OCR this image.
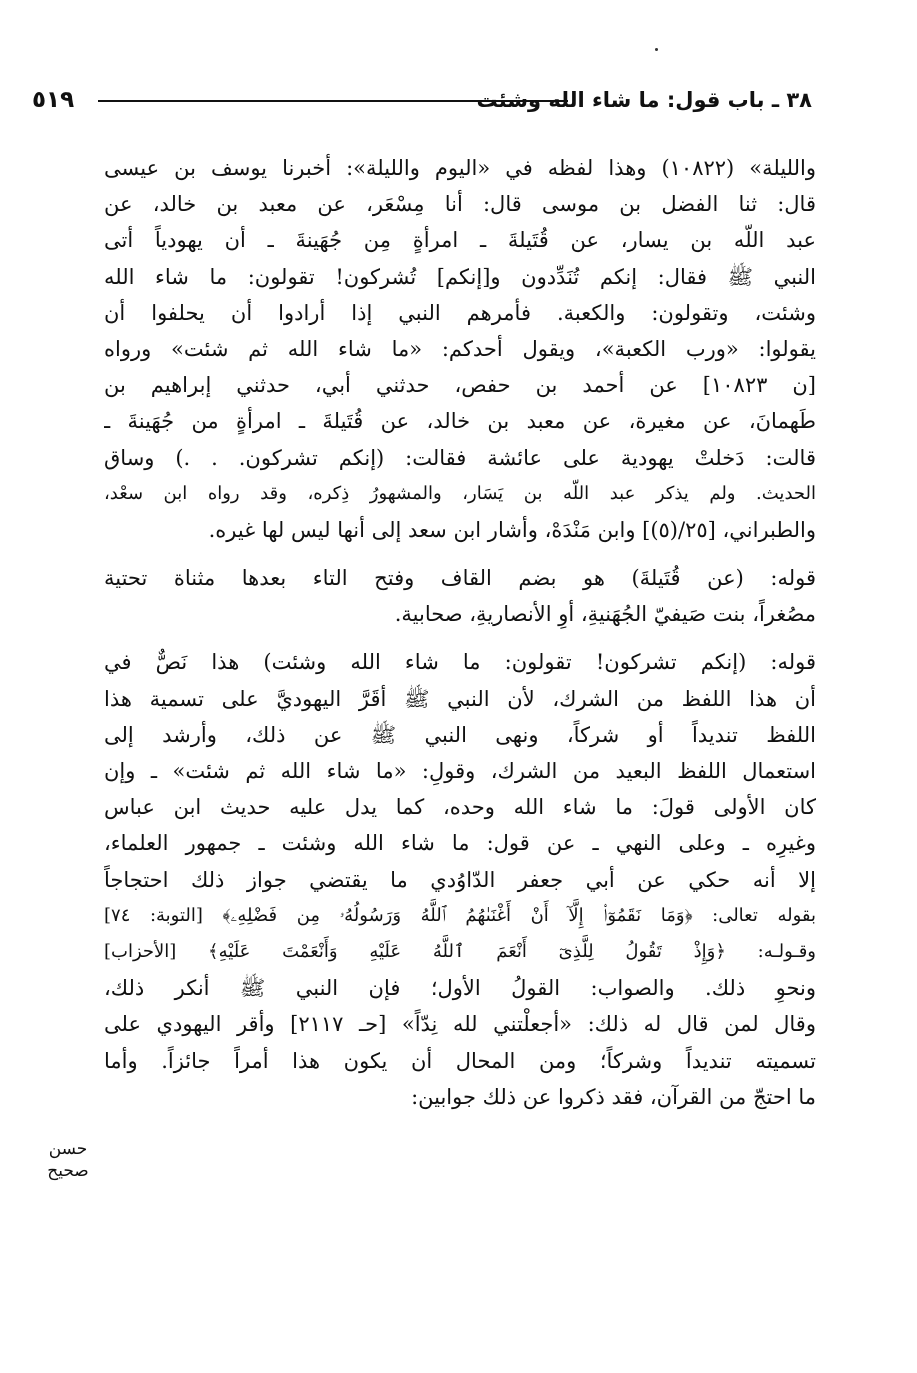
٥١٩	٣٨ ـ باب قول: ما شاء الله وشئت
والليلة» (١٠٨٢٢) وهذا لفظه في «اليوم والليلة»: أخبرنا يوسف بن عيسى
قال: ثنا الفضل بن موسى قال: أنا مِسْعَر، عن معبد بن خالد، عن
عبد اللّه بن يسار، عن قُتَيلةَ ـ امرأةٍ مِن جُهَينةَ ـ أن يهودياً أتى
النبي ﷺ فقال: إنكم تُنَدِّدون و[إنكم] تُشركون! تقولون: ما شاء الله
وشئت، وتقولون: والكعبة. فأمرهم النبي إذا أرادوا أن يحلفوا أن
يقولوا: «ورب الكعبة»، ويقول أحدكم: «ما شاء الله ثم شئت» ورواه
[ن ١٠٨٢٣] عن أحمد بن حفص، حدثني أبي، حدثني إبراهيم بن
طَهمانَ، عن مغيرة، عن معبد بن خالد، عن قُتَيلةَ ـ امرأةٍ من جُهَينةَ ـ
قالت: دَخلتْ يهودية على عائشة فقالت: (إنكم تشركون. . .) وساق
الحديث. ولم يذكر عبد اللّه بن يَسَار، والمشهورُ ذِكره، وقد رواه ابن سعْد،
والطبراني، [٢٥/(٥)] وابن مَنْدَهْ، وأشار ابن سعد إلى أنها ليس لها غيره.
قوله: (عن قُتَيلةَ) هو بضم القاف وفتح التاء بعدها مثناة تحتية
مصُغراً، بنت صَيفيّ الجُهَنيةِ، أوِ الأنصاريةِ، صحابية.
قوله: (إنكم تشركون! تقولون: ما شاء الله وشئت) هذا نَصٌّ في
أن هذا اللفظ من الشرك، لأن النبي ﷺ أقَرَّ اليهوديَّ على تسمية هذا
اللفظ تنديداً أو شركاً، ونهى النبي ﷺ عن ذلك، وأرشد إلى
استعمال اللفظ البعيد من الشرك، وقولِ: «ما شاء الله ثم شئت» ـ وإن
كان الأولى قولَ: ما شاء الله وحده، كما يدل عليه حديث ابن عباس
وغيرِه ـ وعلى النهي ـ عن قول: ما شاء الله وشئت ـ جمهور العلماء،
إلا أنه حكي عن أبي جعفر الدّاوُدي ما يقتضي جواز ذلك احتجاجاً
بقوله تعالى: ﴿وَمَا نَقَمُوٓا۟ إِلَّآ أَنْ أَغْنَىٰهُمُ ٱللَّهُ وَرَسُولُهُۥ مِن فَضْلِهِۦ﴾ [التوبة: ٧٤]
وقـولـه: ﴿وَإِذْ تَقُولُ لِلَّذِىٓ أَنْعَمَ ٱللَّهُ عَلَيْهِ وَأَنْعَمْتَ عَلَيْهِ﴾ [الأحزاب]
ونحوِ ذلك. والصواب: القولُ الأول؛ فإن النبي ﷺ أنكر ذلك،
وقال لمن قال له ذلك: «أجعلْتني لله نِدّاً» [حـ ٢١١٧] وأقر اليهودي على
تسميته تنديداً وشركاً؛ ومن المحال أن يكون هذا أمراً جائزاً. وأما
ما احتجّ من القرآن، فقد ذكروا عن ذلك جوابين:
حسن
صحيح
